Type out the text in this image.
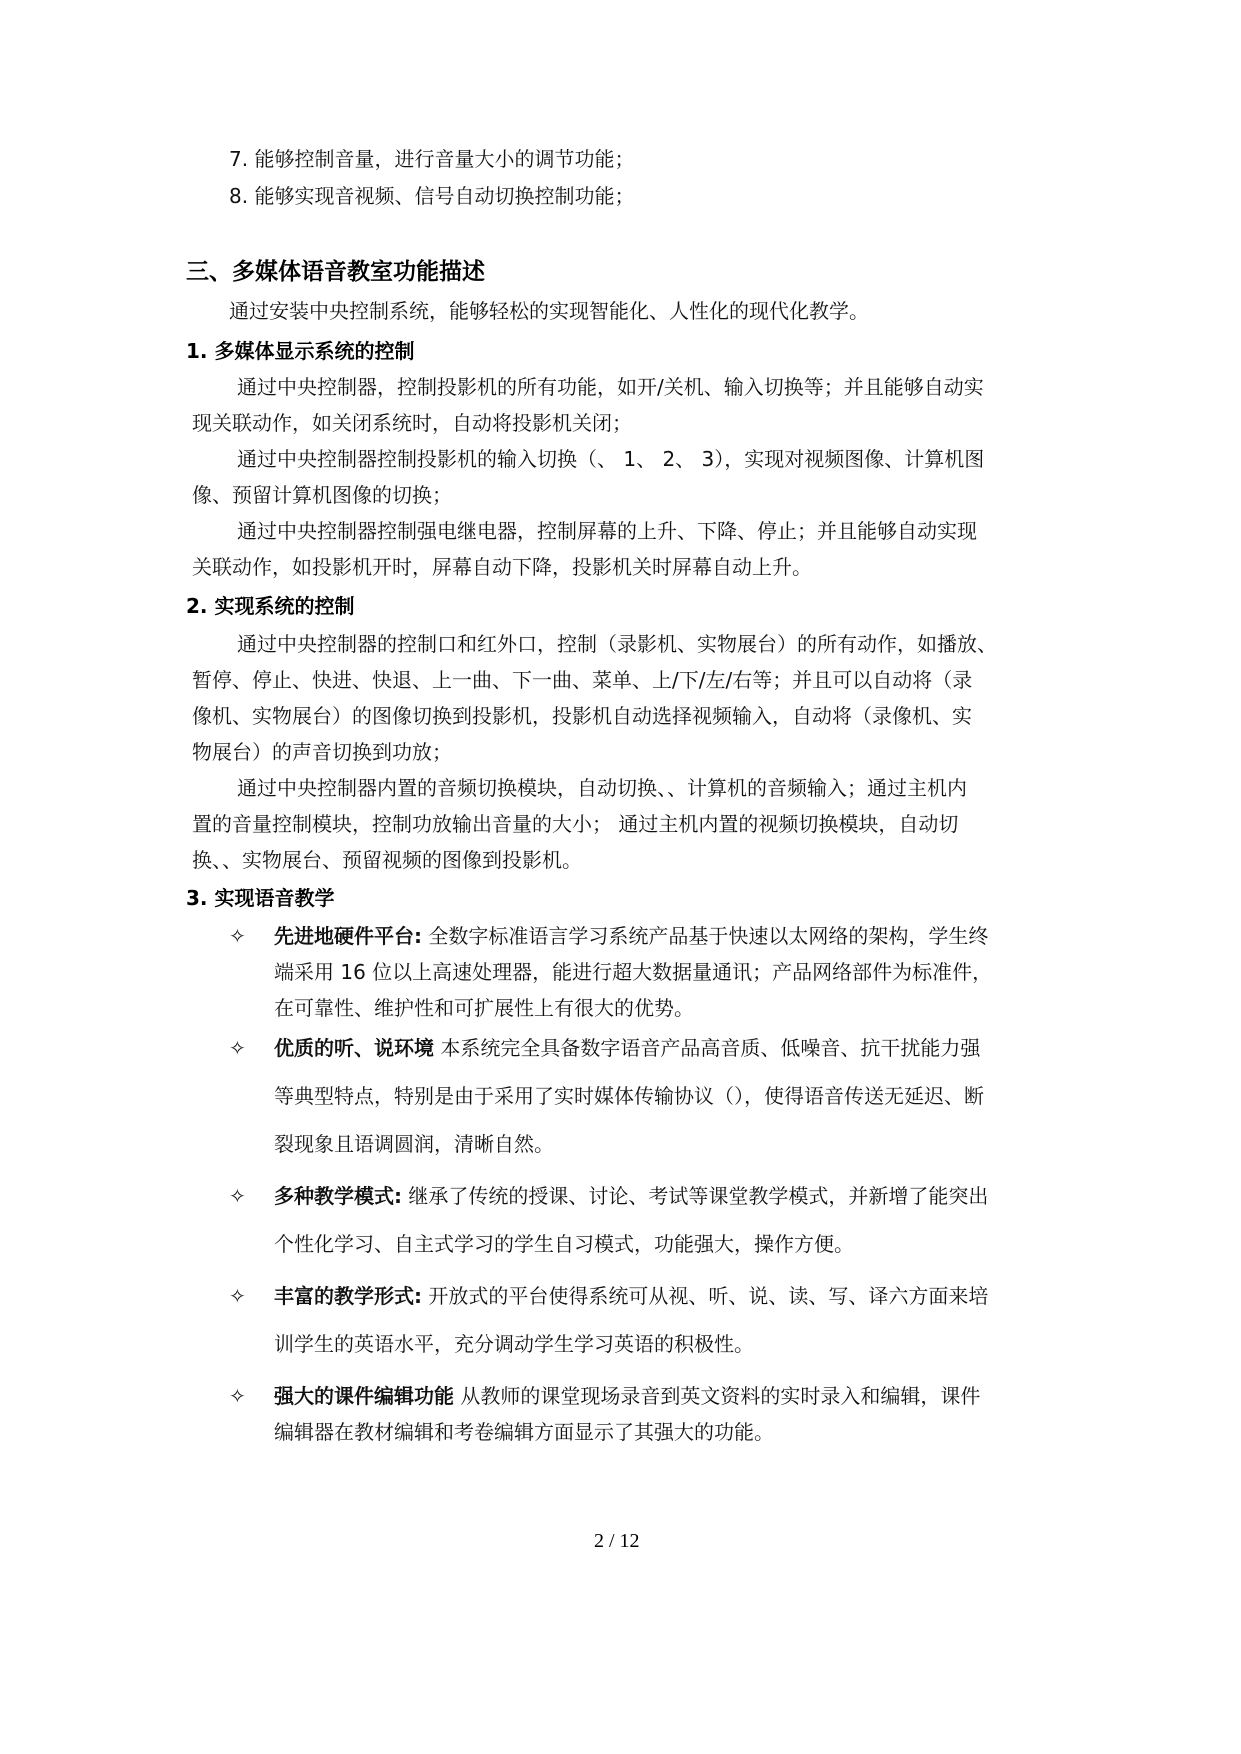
7. 能够控制音量，进行音量大小的调节功能；
8. 能够实现音视频、信号自动切换控制功能；
三、多媒体语音教室功能描述
通过安装中央控制系统，能够轻松的实现智能化、人性化的现代化教学。
1. 多媒体显示系统的控制
通过中央控制器，控制投影机的所有功能，如开/关机、输入切换等；并且能够自动实
现关联动作，如关闭系统时，自动将投影机关闭；
通过中央控制器控制投影机的输入切换（、 1、 2、 3），实现对视频图像、计算机图
像、预留计算机图像的切换；
通过中央控制器控制强电继电器，控制屏幕的上升、下降、停止；并且能够自动实现
关联动作，如投影机开时，屏幕自动下降，投影机关时屏幕自动上升。
2. 实现系统的控制
通过中央控制器的控制口和红外口，控制（录影机、实物展台）的所有动作，如播放、
暂停、停止、快进、快退、上一曲、下一曲、菜单、上/下/左/右等；并且可以自动将（录
像机、实物展台）的图像切换到投影机，投影机自动选择视频输入，自动将（录像机、实
物展台）的声音切换到功放；
通过中央控制器内置的音频切换模块，自动切换、、计算机的音频输入；通过主机内
置的音量控制模块，控制功放输出音量的大小； 通过主机内置的视频切换模块，自动切
换、、实物展台、预留视频的图像到投影机。
3. 实现语音教学
✧ 先进地硬件平台: 全数字标准语言学习系统产品基于快速以太网络的架构，学生终
端采用 16 位以上高速处理器，能进行超大数据量通讯；产品网络部件为标准件，
在可靠性、维护性和可扩展性上有很大的优势。
✧ 优质的听、说环境 本系统完全具备数字语音产品高音质、低噪音、抗干扰能力强
等典型特点，特别是由于采用了实时媒体传输协议（），使得语音传送无延迟、断
裂现象且语调圆润，清晰自然。
✧ 多种教学模式: 继承了传统的授课、讨论、考试等课堂教学模式，并新增了能突出
个性化学习、自主式学习的学生自习模式，功能强大，操作方便。
✧ 丰富的教学形式: 开放式的平台使得系统可从视、听、说、读、写、译六方面来培
训学生的英语水平，充分调动学生学习英语的积极性。
✧ 强大的课件编辑功能 从教师的课堂现场录音到英文资料的实时录入和编辑，课件
编辑器在教材编辑和考卷编辑方面显示了其强大的功能。
2 / 12
